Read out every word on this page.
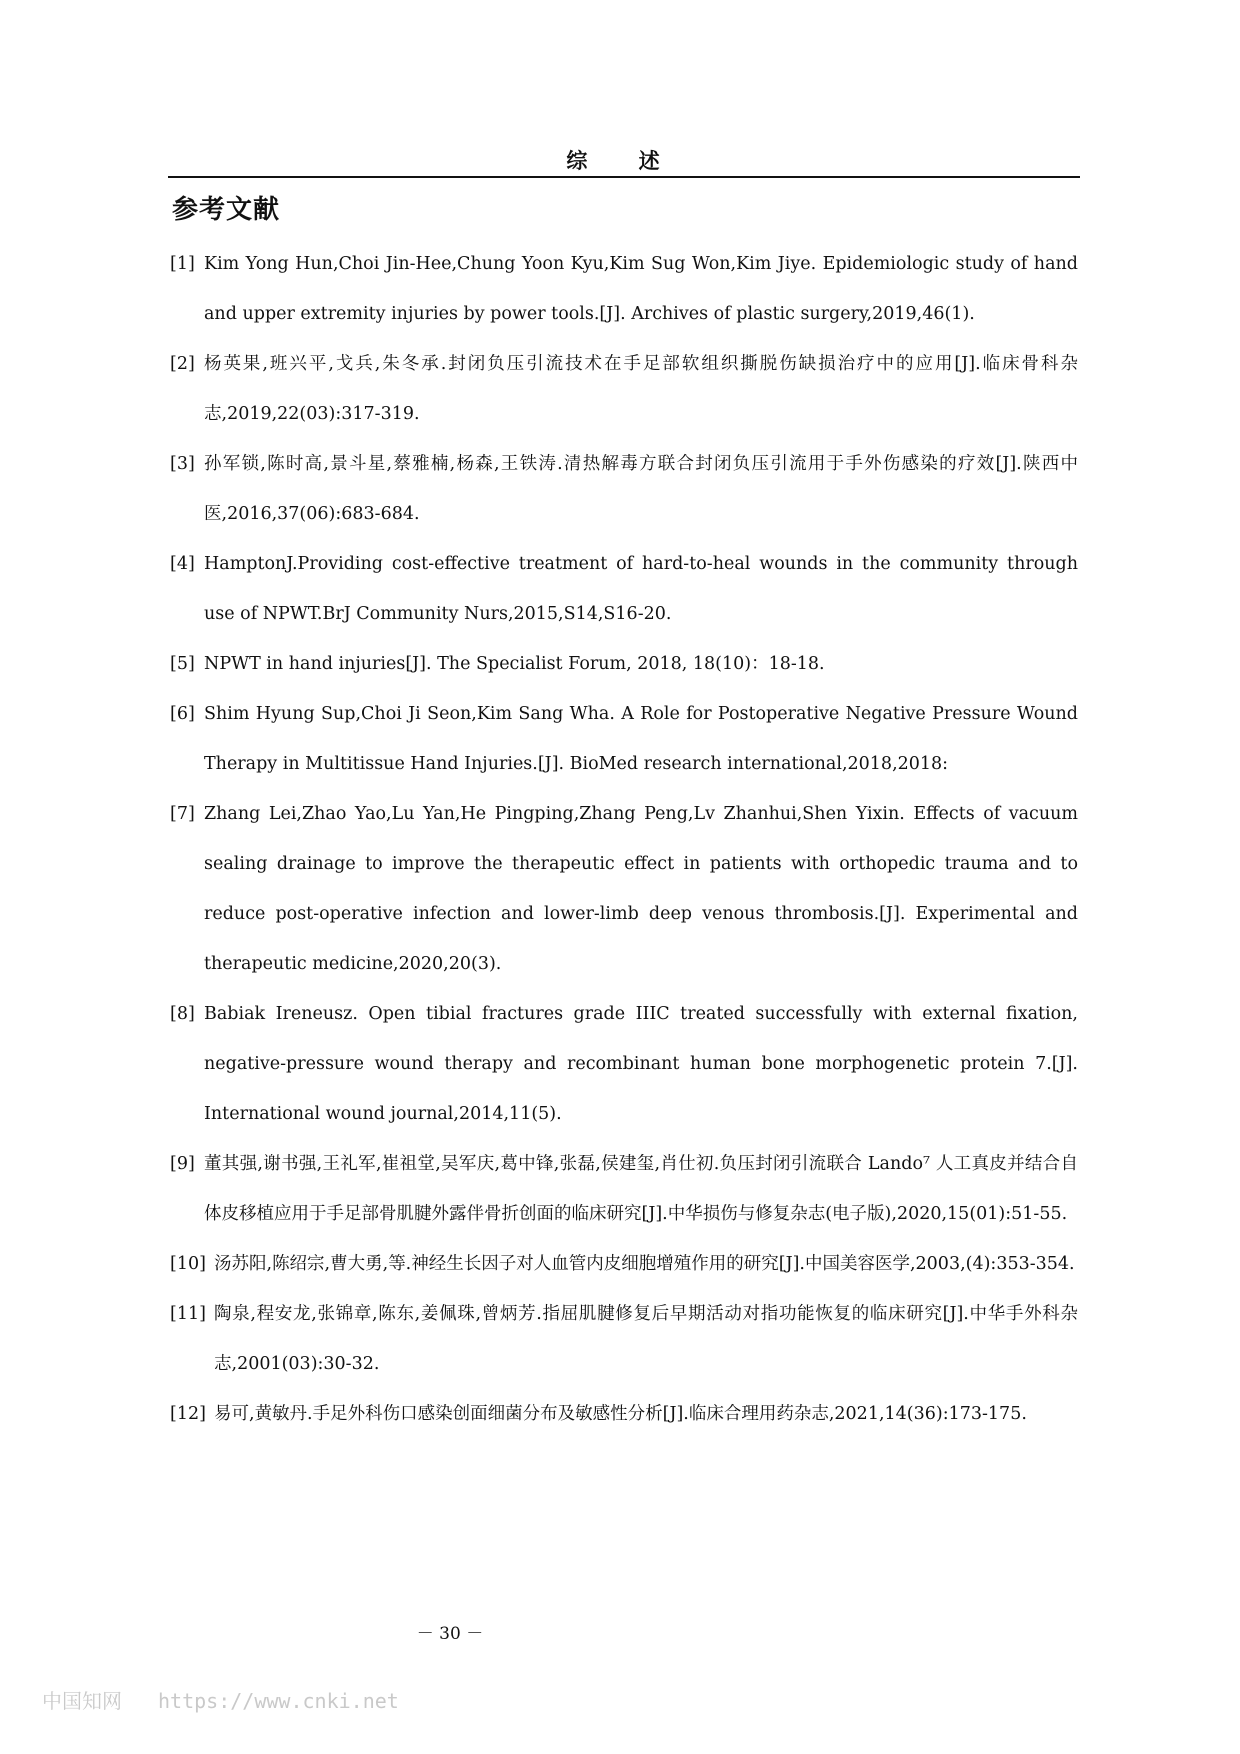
综 述
参考文献
[1] Kim Yong Hun,Choi Jin-Hee,Chung Yoon Kyu,Kim Sug Won,Kim Jiye. Epidemiologic study of hand and upper extremity injuries by power tools.[J]. Archives of plastic surgery,2019,46(1).
[2] 杨英果,班兴平,戈兵,朱冬承.封闭负压引流技术在手足部软组织撕脱伤缺损治疗中的应用[J].临床骨科杂志,2019,22(03):317-319.
[3] 孙军锁,陈时高,景斗星,蔡雅楠,杨森,王铁涛.清热解毒方联合封闭负压引流用于手外伤感染的疗效[J].陕西中医,2016,37(06):683-684.
[4] HamptonJ.Providing cost-effective treatment of hard-to-heal wounds in the community through use of NPWT.BrJ Community Nurs,2015,S14,S16-20.
[5] NPWT in hand injuries[J]. The Specialist Forum, 2018, 18(10)：18-18.
[6] Shim Hyung Sup,Choi Ji Seon,Kim Sang Wha. A Role for Postoperative Negative Pressure Wound Therapy in Multitissue Hand Injuries.[J]. BioMed research international,2018,2018:
[7] Zhang Lei,Zhao Yao,Lu Yan,He Pingping,Zhang Peng,Lv Zhanhui,Shen Yixin. Effects of vacuum sealing drainage to improve the therapeutic effect in patients with orthopedic trauma and to reduce post-operative infection and lower-limb deep venous thrombosis.[J]. Experimental and therapeutic medicine,2020,20(3).
[8] Babiak Ireneusz. Open tibial fractures grade IIIC treated successfully with external fixation, negative-pressure wound therapy and recombinant human bone morphogenetic protein 7.[J]. International wound journal,2014,11(5).
[9] 董其强,谢书强,王礼军,崔祖堂,吴军庆,葛中锋,张磊,侯建玺,肖仕初.负压封闭引流联合 Lando⁷ 人工真皮并结合自体皮移植应用于手足部骨肌腱外露伴骨折创面的临床研究[J].中华损伤与修复杂志(电子版),2020,15(01):51-55.
[10] 汤苏阳,陈绍宗,曹大勇,等.神经生长因子对人血管内皮细胞增殖作用的研究[J].中国美容医学,2003,(4):353-354.
[11] 陶泉,程安龙,张锦章,陈东,姜佩珠,曾炳芳.指屈肌腱修复后早期活动对指功能恢复的临床研究[J].中华手外科杂志,2001(03):30-32.
[12] 易可,黄敏丹.手足外科伤口感染创面细菌分布及敏感性分析[J].临床合理用药杂志,2021,14(36):173-175.
－ 30 －
中国知网 https://www.cnki.net
